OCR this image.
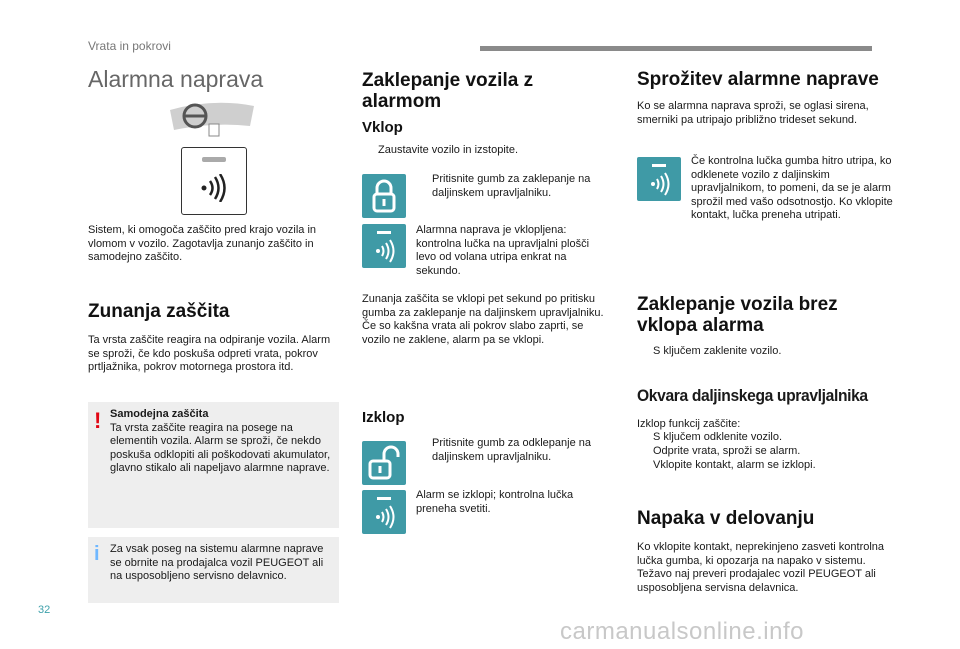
Vrata in pokrovi
Alarmna naprava
Sistem, ki omogoča zaščito pred krajo vozila in vlomom v vozilo. Zagotavlja zunanjo zaščito in samodejno zaščito.
Zunanja zaščita
Ta vrsta zaščite reagira na odpiranje vozila. Alarm se sproži, če kdo poskuša odpreti vrata, pokrov prtljažnika, pokrov motornega prostora itd.
! Samodejna zaščita
Ta vrsta zaščite reagira na posege na elementih vozila. Alarm se sproži, če nekdo poskuša odklopiti ali poškodovati akumulator, glavno stikalo ali napeljavo alarmne naprave.
i Za vsak poseg na sistemu alarmne naprave se obrnite na prodajalca vozil PEUGEOT ali na usposobljeno servisno delavnico.
Zaklepanje vozila z alarmom
Vklop
Zaustavite vozilo in izstopite.
Pritisnite gumb za zaklepanje na daljinskem upravljalniku.
Alarmna naprava je vklopljena: kontrolna lučka na upravljalni plošči levo od volana utripa enkrat na sekundo.
Zunanja zaščita se vklopi pet sekund po pritisku gumba za zaklepanje na daljinskem upravljalniku.
Če so kakšna vrata ali pokrov slabo zaprti, se vozilo ne zaklene, alarm pa se vklopi.
Izklop
Pritisnite gumb za odklepanje na daljinskem upravljalniku.
Alarm se izklopi; kontrolna lučka preneha svetiti.
Sprožitev alarmne naprave
Ko se alarmna naprava sproži, se oglasi sirena, smerniki pa utripajo približno trideset sekund.
Če kontrolna lučka gumba hitro utripa, ko odklenete vozilo z daljinskim upravljalnikom, to pomeni, da se je alarm sprožil med vašo odsotnostjo. Ko vklopite kontakt, lučka preneha utripati.
Zaklepanje vozila brez vklopa alarma
S ključem zaklenite vozilo.
Okvara daljinskega upravljalnika
Izklop funkcij zaščite:
S ključem odklenite vozilo.
Odprite vrata, sproži se alarm.
Vklopite kontakt, alarm se izklopi.
Napaka v delovanju
Ko vklopite kontakt, neprekinjeno zasveti kontrolna lučka gumba, ki opozarja na napako v sistemu.
Težavo naj preveri prodajalec vozil PEUGEOT ali usposobljena servisna delavnica.
32
carmanualsonline.info
